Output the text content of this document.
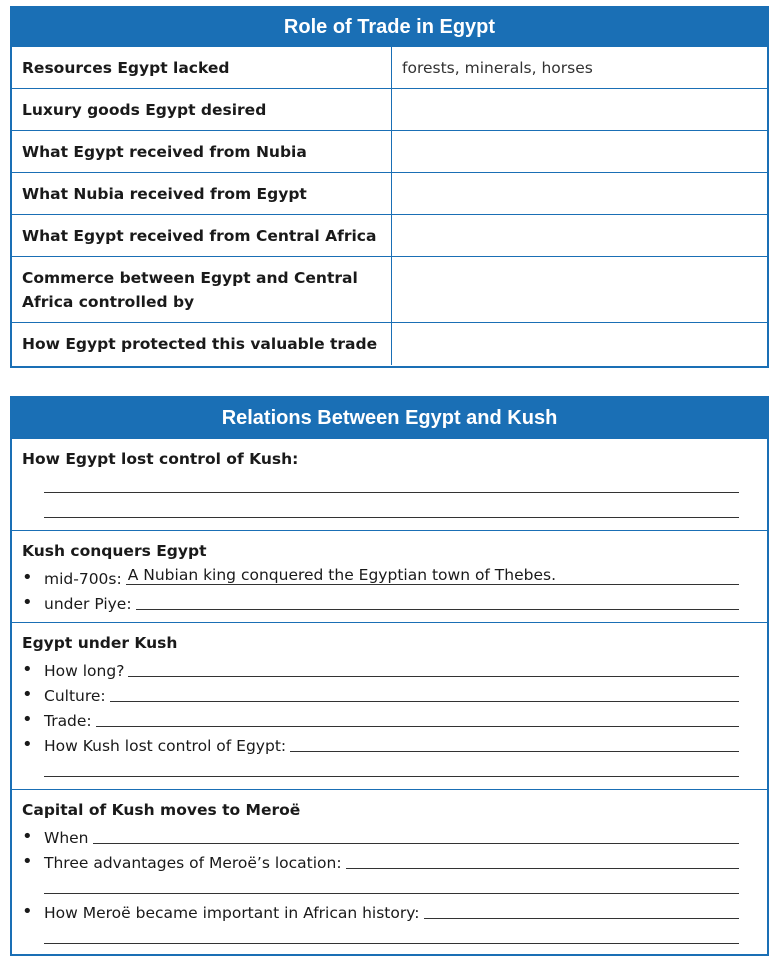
Role of Trade in Egypt
Resources Egypt lacked	forests, minerals, horses
Luxury goods Egypt desired	
What Egypt received from Nubia	
What Nubia received from Egypt	
What Egypt received from Central Africa	
Commerce between Egypt and Central Africa controlled by	
How Egypt protected this valuable trade	
Relations Between Egypt and Kush
How Egypt lost control of Kush:
Kush conquers Egypt
• mid-700s: A Nubian king conquered the Egyptian town of Thebes.
• under Piye:
Egypt under Kush
• How long?
• Culture:
• Trade:
• How Kush lost control of Egypt:
Capital of Kush moves to Meroë
• When
• Three advantages of Meroë’s location:
• How Meroë became important in African history:
